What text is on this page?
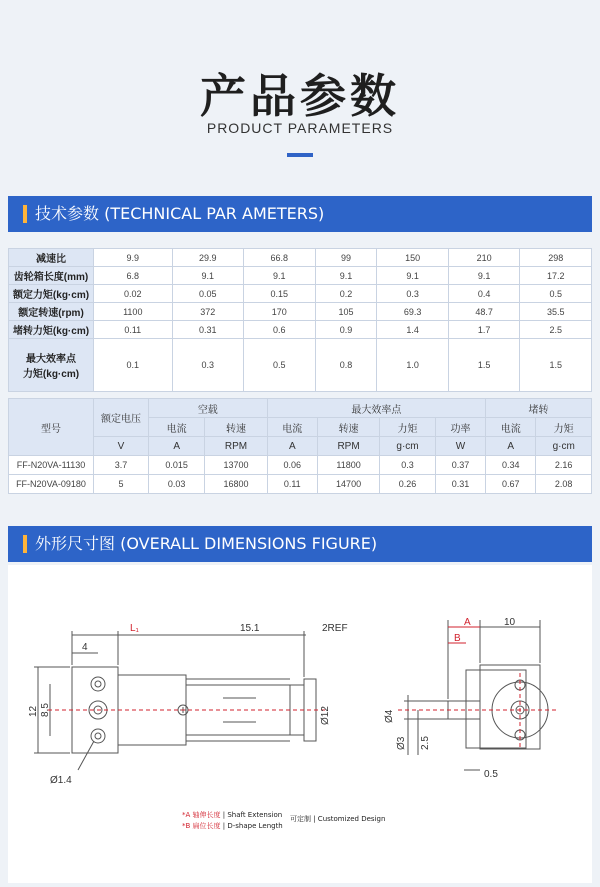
产品参数
PRODUCT PARAMETERS
技术参数 (TECHNICAL PAR AMETERS)
减速比	9.9	29.9	66.8	99	150	210	298
齿轮箱长度(mm)	6.8	9.1	9.1	9.1	9.1	9.1	17.2
额定力矩(kg·cm)	0.02	0.05	0.15	0.2	0.3	0.4	0.5
额定转速(rpm)	1100	372	170	105	69.3	48.7	35.5
堵转力矩(kg·cm)	0.11	0.31	0.6	0.9	1.4	1.7	2.5

最大效率点
力矩(kg·cm)	0.1	0.3	0.5	0.8	1.0	1.5	1.5
型号	额定电压	空载		最大效率点				堵转	
		电流	转速	电流	转速	力矩	功率	电流	力矩
	V	A	RPM	A	RPM	g·cm	W	A	g·cm
FF-N20VA-11130	3.7	0.015	13700	0.06	11800	0.3	0.37	0.34	2.16
FF-N20VA-09180	5	0.03	16800	0.11	14700	0.26	0.31	0.67	2.08
外形尺寸图 (OVERALL DIMENSIONS FIGURE)
L₁	15.1	2REF
4
12 8.5
Ø1.4
Ø12
A
B
10
Ø4
Ø3 2.5
0.5
*A 轴伸长度 | Shaft Extension
*B 扁位长度 | D-shape Length
可定制 | Customized Design
